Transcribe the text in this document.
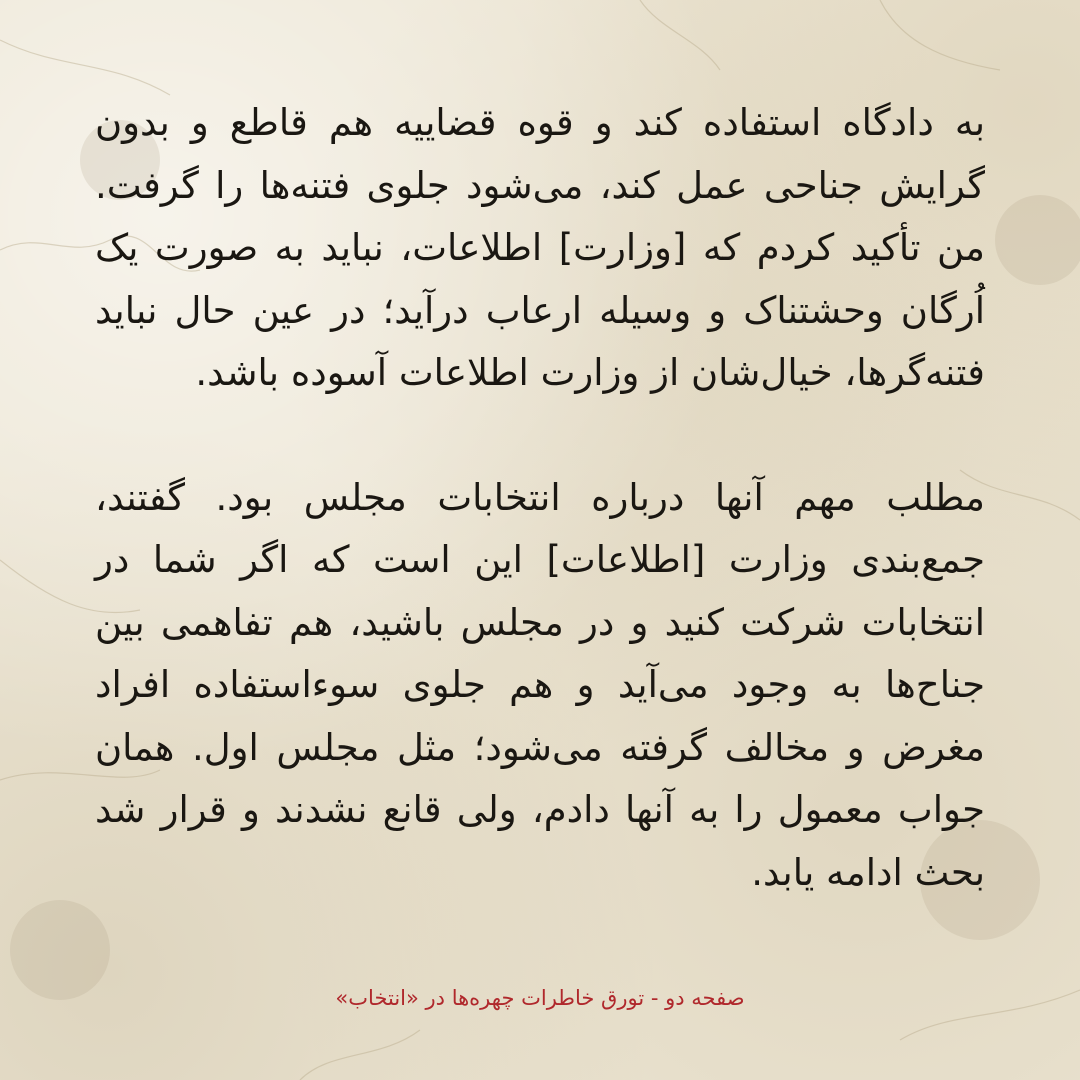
به دادگاه استفاده کند و قوه قضاییه هم قاطع و بدون گرایش جناحی عمل کند، می‌شود جلوی فتنه‌ها را گرفت. من تأکید کردم که [وزارت] اطلاعات، نباید به صورت یک اُرگان وحشتناک و وسیله ارعاب درآید؛ در عین حال نباید فتنه‌گرها، خیال‌شان از وزارت اطلاعات آسوده باشد.

مطلب مهم آنها درباره انتخابات مجلس بود. گفتند، جمع‌بندی وزارت [اطلاعات] این است که اگر شما در انتخابات شرکت کنید و در مجلس باشید، هم تفاهمی بین جناح‌ها به وجود می‌آید و هم جلوی سوءاستفاده افراد مغرض و مخالف گرفته می‌شود؛ مثل مجلس اول. همان جواب معمول را به آنها دادم، ولی قانع نشدند و قرار شد بحث ادامه یابد.

صفحه دو - تورق خاطرات چهره‌ها در «انتخاب»
